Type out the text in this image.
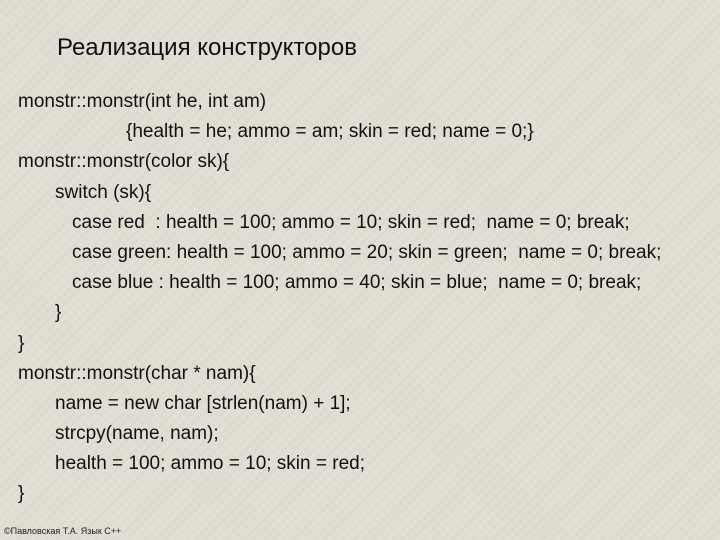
Реализация конструкторов
monstr::monstr(int he, int am)
{health = he; ammo = am; skin = red; name = 0;}
monstr::monstr(color sk){
switch (sk){
case red  : health = 100; ammo = 10; skin = red;  name = 0; break;
case green: health = 100; ammo = 20; skin = green;  name = 0; break;
case blue : health = 100; ammo = 40; skin = blue;  name = 0; break;
}
}
monstr::monstr(char * nam){
name = new char [strlen(nam) + 1];
strcpy(name, nam);
health = 100; ammo = 10; skin = red;
}
©Павловская Т.А. Язык С++
